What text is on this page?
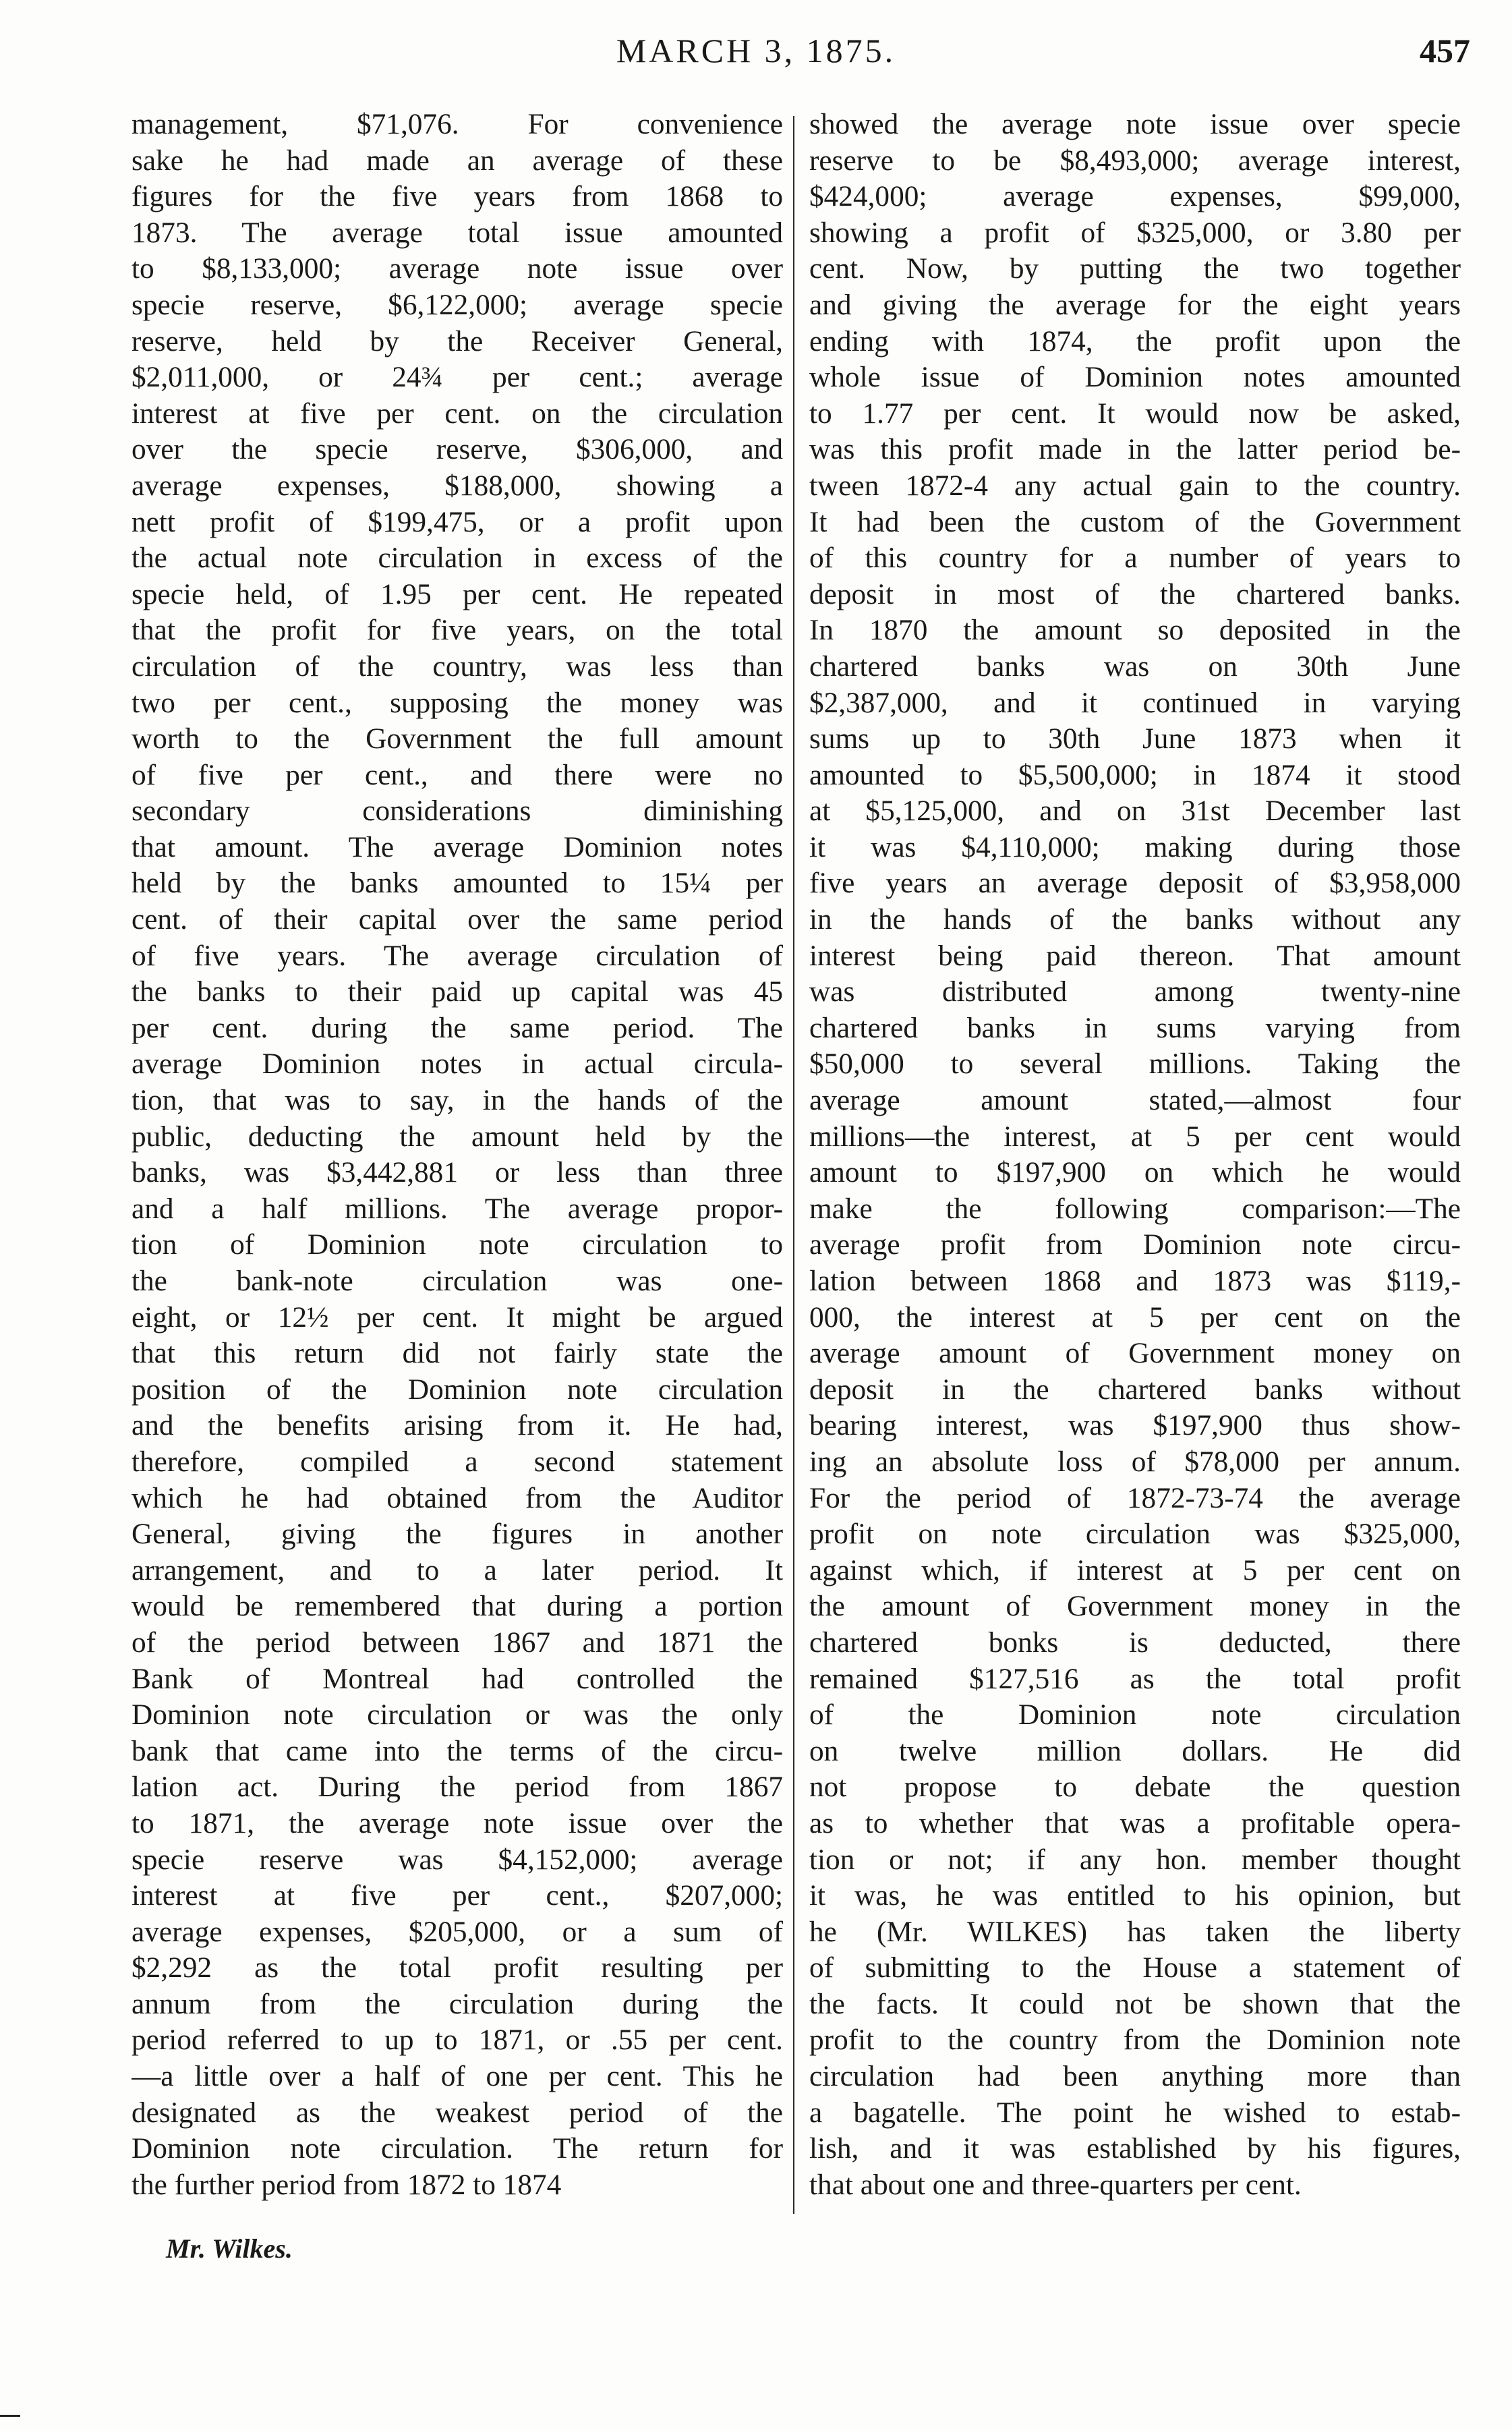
MARCH 3, 1875.	457
management, $71,076. For convenience
sake he had made an average of these
figures for the five years from 1868 to
1873. The average total issue amounted
to $8,133,000; average note issue over
specie reserve, $6,122,000; average specie
reserve, held by the Receiver General,
$2,011,000, or 24¾ per cent.; average
interest at five per cent. on the circulation
over the specie reserve, $306,000, and
average expenses, $188,000, showing a
nett profit of $199,475, or a profit upon
the actual note circulation in excess of the
specie held, of 1.95 per cent. He repeated
that the profit for five years, on the total
circulation of the country, was less than
two per cent., supposing the money was
worth to the Government the full amount
of five per cent., and there were no
secondary considerations diminishing
that amount. The average Dominion notes
held by the banks amounted to 15¼ per
cent. of their capital over the same period
of five years. The average circulation of
the banks to their paid up capital was 45
per cent. during the same period. The
average Dominion notes in actual circula-
tion, that was to say, in the hands of the
public, deducting the amount held by the
banks, was $3,442,881 or less than three
and a half millions. The average propor-
tion of Dominion note circulation to
the bank-note circulation was one-
eight, or 12½ per cent. It might be argued
that this return did not fairly state the
position of the Dominion note circulation
and the benefits arising from it. He had,
therefore, compiled a second statement
which he had obtained from the Auditor
General, giving the figures in another
arrangement, and to a later period. It
would be remembered that during a portion
of the period between 1867 and 1871 the
Bank of Montreal had controlled the
Dominion note circulation or was the only
bank that came into the terms of the circu-
lation act. During the period from 1867
to 1871, the average note issue over the
specie reserve was $4,152,000; average
interest at five per cent., $207,000;
average expenses, $205,000, or a sum of
$2,292 as the total profit resulting per
annum from the circulation during the
period referred to up to 1871, or .55 per cent.
—a little over a half of one per cent. This he
designated as the weakest period of the
Dominion note circulation. The return for
the further period from 1872 to 1874
showed the average note issue over specie
reserve to be $8,493,000; average interest,
$424,000; average expenses, $99,000,
showing a profit of $325,000, or 3.80 per
cent. Now, by putting the two together
and giving the average for the eight years
ending with 1874, the profit upon the
whole issue of Dominion notes amounted
to 1.77 per cent. It would now be asked,
was this profit made in the latter period be-
tween 1872-4 any actual gain to the country.
It had been the custom of the Government
of this country for a number of years to
deposit in most of the chartered banks.
In 1870 the amount so deposited in the
chartered banks was on 30th June
$2,387,000, and it continued in varying
sums up to 30th June 1873 when it
amounted to $5,500,000; in 1874 it stood
at $5,125,000, and on 31st December last
it was $4,110,000; making during those
five years an average deposit of $3,958,000
in the hands of the banks without any
interest being paid thereon. That amount
was distributed among twenty-nine
chartered banks in sums varying from
$50,000 to several millions. Taking the
average amount stated,—almost four
millions—the interest, at 5 per cent would
amount to $197,900 on which he would
make the following comparison:—The
average profit from Dominion note circu-
lation between 1868 and 1873 was $119,-
000, the interest at 5 per cent on the
average amount of Government money on
deposit in the chartered banks without
bearing interest, was $197,900 thus show-
ing an absolute loss of $78,000 per annum.
For the period of 1872-73-74 the average
profit on note circulation was $325,000,
against which, if interest at 5 per cent on
the amount of Government money in the
chartered bonks is deducted, there
remained $127,516 as the total profit
of the Dominion note circulation
on twelve million dollars. He did
not propose to debate the question
as to whether that was a profitable opera-
tion or not; if any hon. member thought
it was, he was entitled to his opinion, but
he (Mr. WILKES) has taken the liberty
of submitting to the House a statement of
the facts. It could not be shown that the
profit to the country from the Dominion note
circulation had been anything more than
a bagatelle. The point he wished to estab-
lish, and it was established by his figures,
that about one and three-quarters per cent.
Mr. Wilkes.
